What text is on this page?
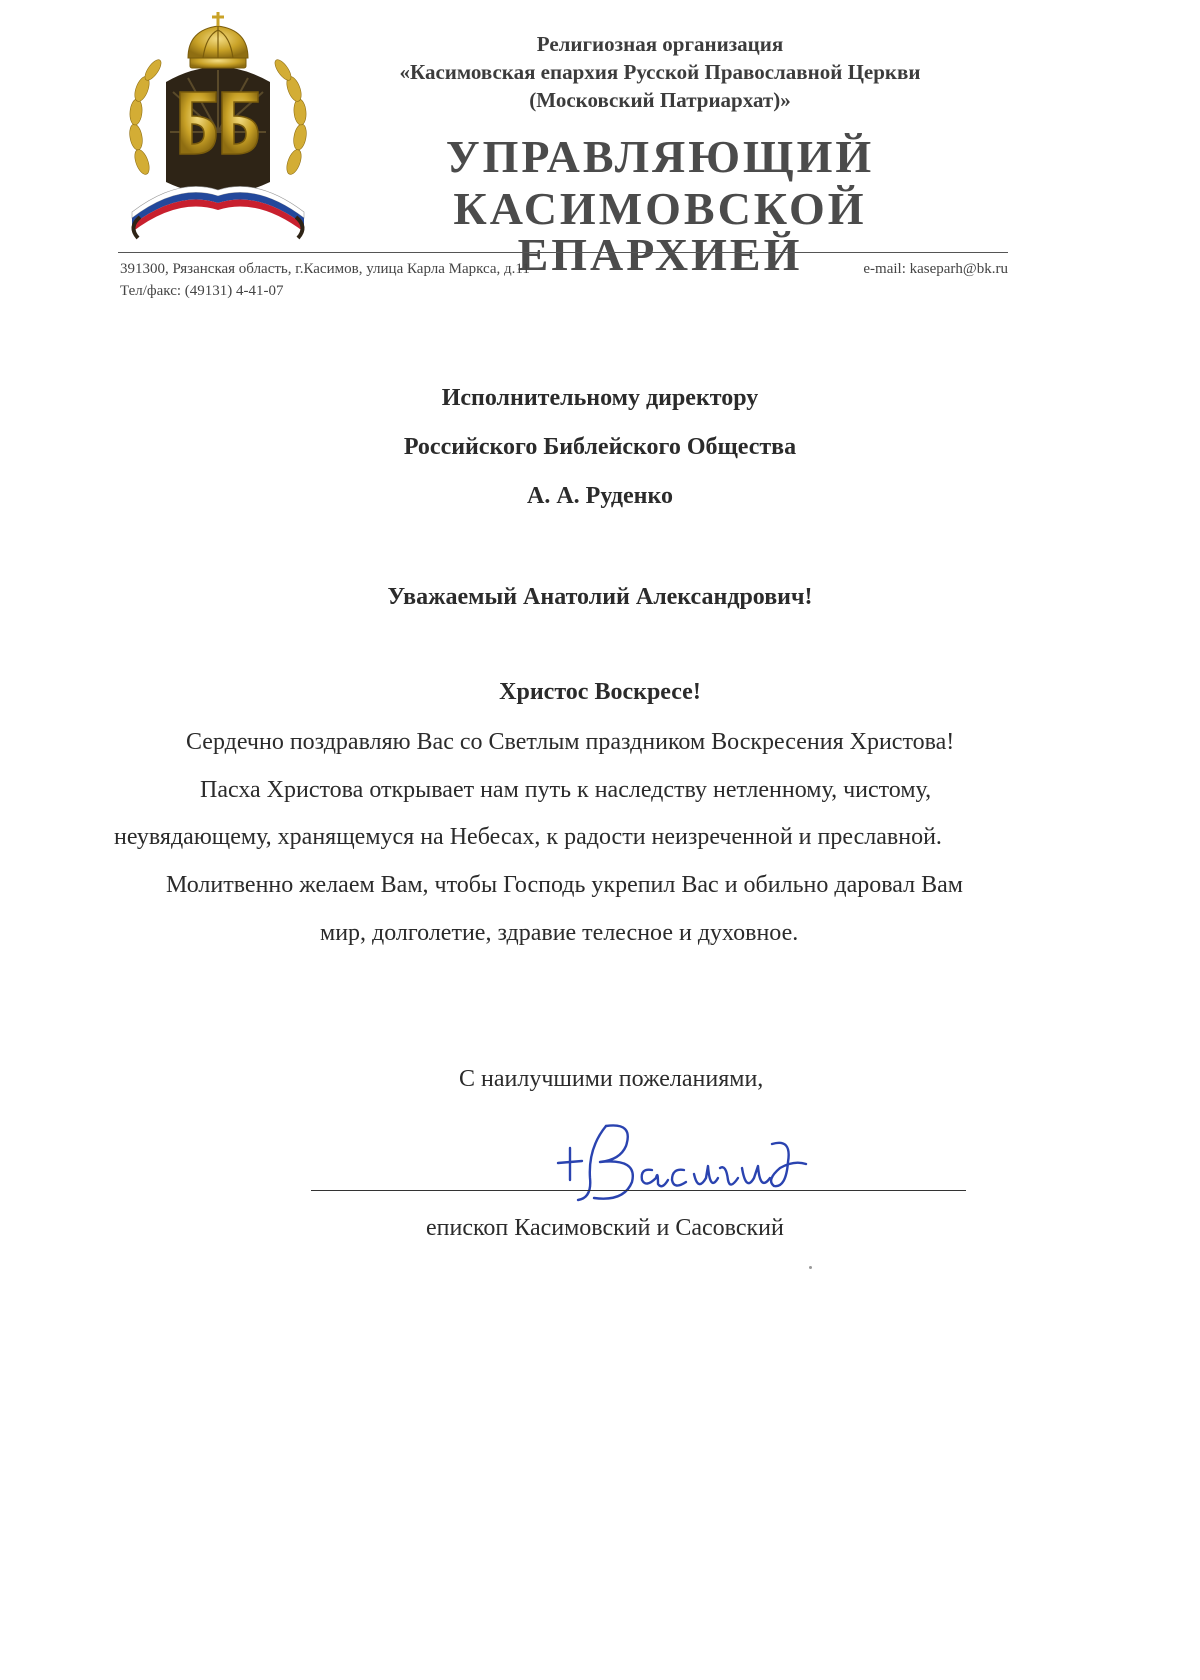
Религиозная организация
«Касимовская епархия Русской Православной Церкви
(Московский Патриархат)»
УПРАВЛЯЮЩИЙ
КАСИМОВСКОЙ ЕПАРХИЕЙ
391300, Рязанская область, г.Касимов, улица Карла Маркса, д.11	e-mail: kaseparh@bk.ru
Тел/факс: (49131) 4-41-07
Исполнительному директору
Российского Библейского Общества
А. А. Руденко
Уважаемый Анатолий Александрович!
Христос Воскресе!
Сердечно поздравляю Вас со Светлым праздником Воскресения Христова!
Пасха Христова открывает нам путь к наследству нетленному, чистому,
неувядающему, хранящемуся на Небесах, к радости неизреченной и преславной.
Молитвенно желаем Вам, чтобы Господь укрепил Вас и обильно даровал Вам
мир, долголетие, здравие телесное и духовное.
С наилучшими пожеланиями,
епископ Касимовский и Сасовский
